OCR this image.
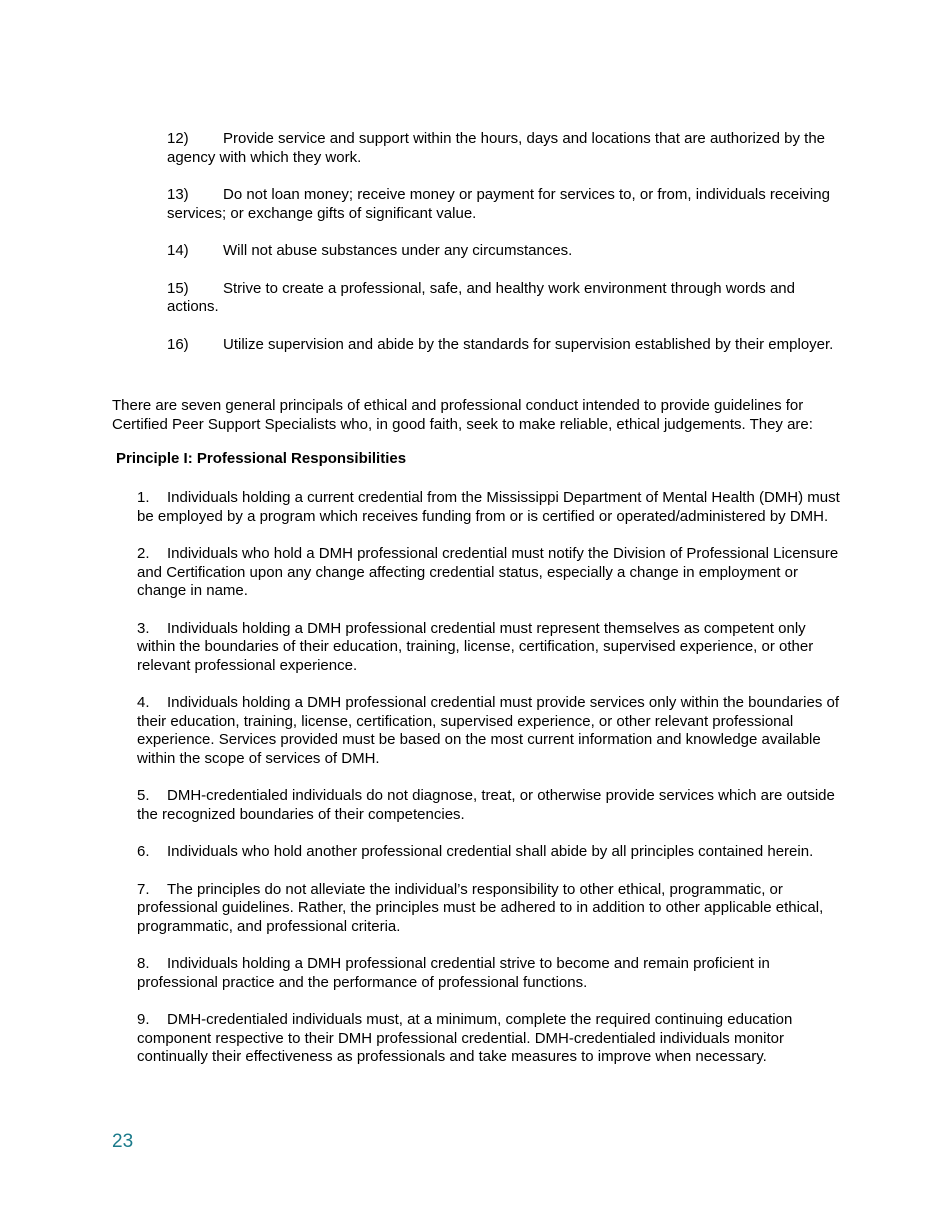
12) Provide service and support within the hours, days and locations that are authorized by the agency with which they work.
13) Do not loan money; receive money or payment for services to, or from, individuals receiving services; or exchange gifts of significant value.
14) Will not abuse substances under any circumstances.
15) Strive to create a professional, safe, and healthy work environment through words and actions.
16) Utilize supervision and abide by the standards for supervision established by their employer.

There are seven general principals of ethical and professional conduct intended to provide guidelines for Certified Peer Support Specialists who, in good faith, seek to make reliable, ethical judgements. They are:

Principle I: Professional Responsibilities
1. Individuals holding a current credential from the Mississippi Department of Mental Health (DMH) must be employed by a program which receives funding from or is certified or operated/administered by DMH.
2. Individuals who hold a DMH professional credential must notify the Division of Professional Licensure and Certification upon any change affecting credential status, especially a change in employment or change in name.
3. Individuals holding a DMH professional credential must represent themselves as competent only within the boundaries of their education, training, license, certification, supervised experience, or other relevant professional experience.
4. Individuals holding a DMH professional credential must provide services only within the boundaries of their education, training, license, certification, supervised experience, or other relevant professional experience. Services provided must be based on the most current information and knowledge available within the scope of services of DMH.
5. DMH-credentialed individuals do not diagnose, treat, or otherwise provide services which are outside the recognized boundaries of their competencies.
6. Individuals who hold another professional credential shall abide by all principles contained herein.
7. The principles do not alleviate the individual’s responsibility to other ethical, programmatic, or professional guidelines. Rather, the principles must be adhered to in addition to other applicable ethical, programmatic, and professional criteria.
8. Individuals holding a DMH professional credential strive to become and remain proficient in professional practice and the performance of professional functions.
9. DMH-credentialed individuals must, at a minimum, complete the required continuing education component respective to their DMH professional credential. DMH-credentialed individuals monitor continually their effectiveness as professionals and take measures to improve when necessary.
23
